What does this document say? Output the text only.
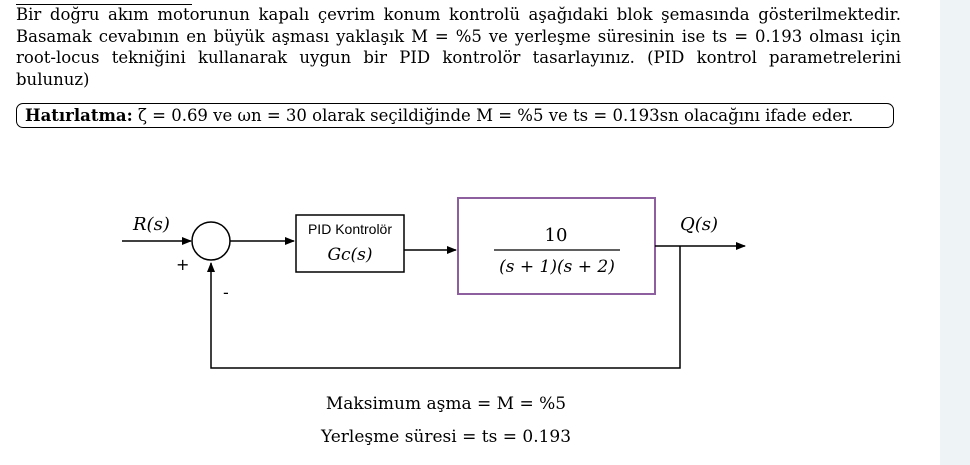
Bir doğru akım motorunun kapalı çevrim konum kontrolü aşağıdaki blok şemasında gösterilmektedir. Basamak cevabının en büyük aşması yaklaşık M = %5 ve yerleşme süresinin ise ts = 0.193 olması için root-locus tekniğini kullanarak uygun bir PID kontrolör tasarlayınız. (PID kontrol parametrelerini bulunuz)
Hatırlatma: ζ = 0.69 ve ωn = 30 olarak seçildiğinde M = %5 ve ts = 0.193sn olacağını ifade eder.
R(s)
+
-
PID Kontrolör
Gc(s)
10
(s + 1)(s + 2)
Q(s)
Maksimum aşma = M = %5
Yerleşme süresi = ts = 0.193
